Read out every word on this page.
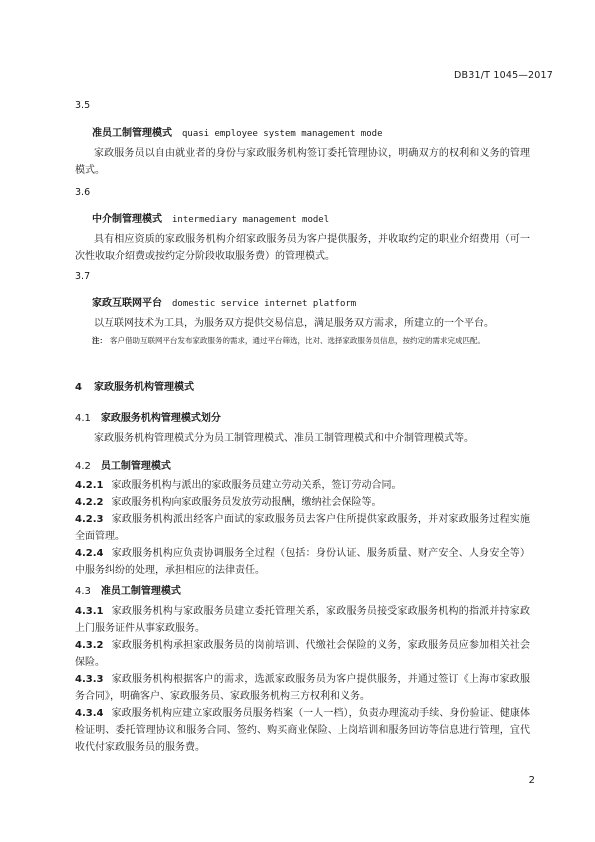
DB31/T 1045—2017
3.5
准员工制管理模式 quasi employee system management mode
家政服务员以自由就业者的身份与家政服务机构签订委托管理协议，明确双方的权利和义务的管理模式。
3.6
中介制管理模式 intermediary management model
具有相应资质的家政服务机构介绍家政服务员为客户提供服务，并收取约定的职业介绍费用（可一次性收取介绍费或按约定分阶段收取服务费）的管理模式。
3.7
家政互联网平台 domestic service internet platform
以互联网技术为工具，为服务双方提供交易信息，满足服务双方需求，所建立的一个平台。
注： 客户借助互联网平台发布家政服务的需求，通过平台筛选，比对、选择家政服务员信息，按约定的需求完成匹配。
4 家政服务机构管理模式
4.1 家政服务机构管理模式划分
家政服务机构管理模式分为员工制管理模式、准员工制管理模式和中介制管理模式等。
4.2 员工制管理模式
4.2.1 家政服务机构与派出的家政服务员建立劳动关系，签订劳动合同。
4.2.2 家政服务机构向家政服务员发放劳动报酬，缴纳社会保险等。
4.2.3 家政服务机构派出经客户面试的家政服务员去客户住所提供家政服务，并对家政服务过程实施全面管理。
4.2.4 家政服务机构应负责协调服务全过程（包括：身份认证、服务质量、财产安全、人身安全等）中服务纠纷的处理，承担相应的法律责任。
4.3 准员工制管理模式
4.3.1 家政服务机构与家政服务员建立委托管理关系，家政服务员接受家政服务机构的指派并持家政上门服务证件从事家政服务。
4.3.2 家政服务机构承担家政服务员的岗前培训、代缴社会保险的义务，家政服务员应参加相关社会保险。
4.3.3 家政服务机构根据客户的需求，选派家政服务员为客户提供服务，并通过签订《上海市家政服务合同》，明确客户、家政服务员、家政服务机构三方权利和义务。
4.3.4 家政服务机构应建立家政服务员服务档案（一人一档），负责办理流动手续、身份验证、健康体检证明、委托管理协议和服务合同、签约、购买商业保险、上岗培训和服务回访等信息进行管理，宜代收代付家政服务员的服务费。
2
